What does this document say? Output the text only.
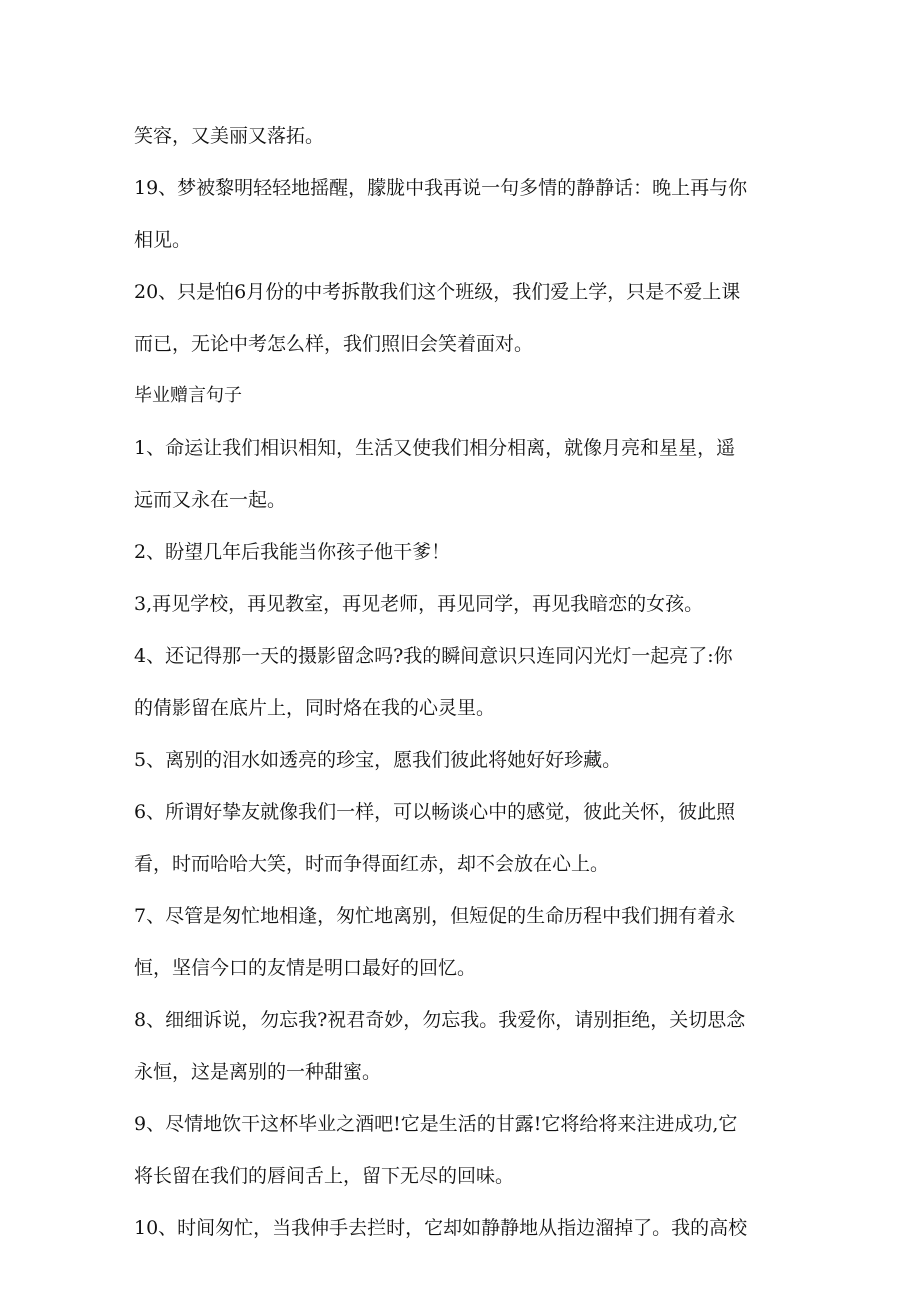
笑容，又美丽又落拓。
19、梦被黎明轻轻地摇醒，朦胧中我再说一句多情的静静话：晚上再与你
相见。
20、只是怕6月份的中考拆散我们这个班级，我们爱上学，只是不爱上课
而已，无论中考怎么样，我们照旧会笑着面对。
毕业赠言句子
1、命运让我们相识相知，生活又使我们相分相离，就像月亮和星星，遥
远而又永在一起。
2、盼望几年后我能当你孩子他干爹！
3,再见学校，再见教室，再见老师，再见同学，再见我暗恋的女孩。
4、还记得那一天的摄影留念吗?我的瞬间意识只连同闪光灯一起亮了:你
的倩影留在底片上，同时烙在我的心灵里。
5、离别的泪水如透亮的珍宝，愿我们彼此将她好好珍藏。
6、所谓好挚友就像我们一样，可以畅谈心中的感觉，彼此关怀，彼此照
看，时而哈哈大笑，时而争得面红赤，却不会放在心上。
7、尽管是匆忙地相逢，匆忙地离别，但短促的生命历程中我们拥有着永
恒，坚信今口的友情是明口最好的回忆。
8、细细诉说，勿忘我?祝君奇妙，勿忘我。我爱你，请别拒绝，关切思念
永恒，这是离别的一种甜蜜。
9、尽情地饮干这杯毕业之酒吧!它是生活的甘露!它将给将来注进成功,它
将长留在我们的唇间舌上，留下无尽的回味。
10、时间匆忙，当我伸手去拦时，它却如静静地从指边溜掉了。我的高校
